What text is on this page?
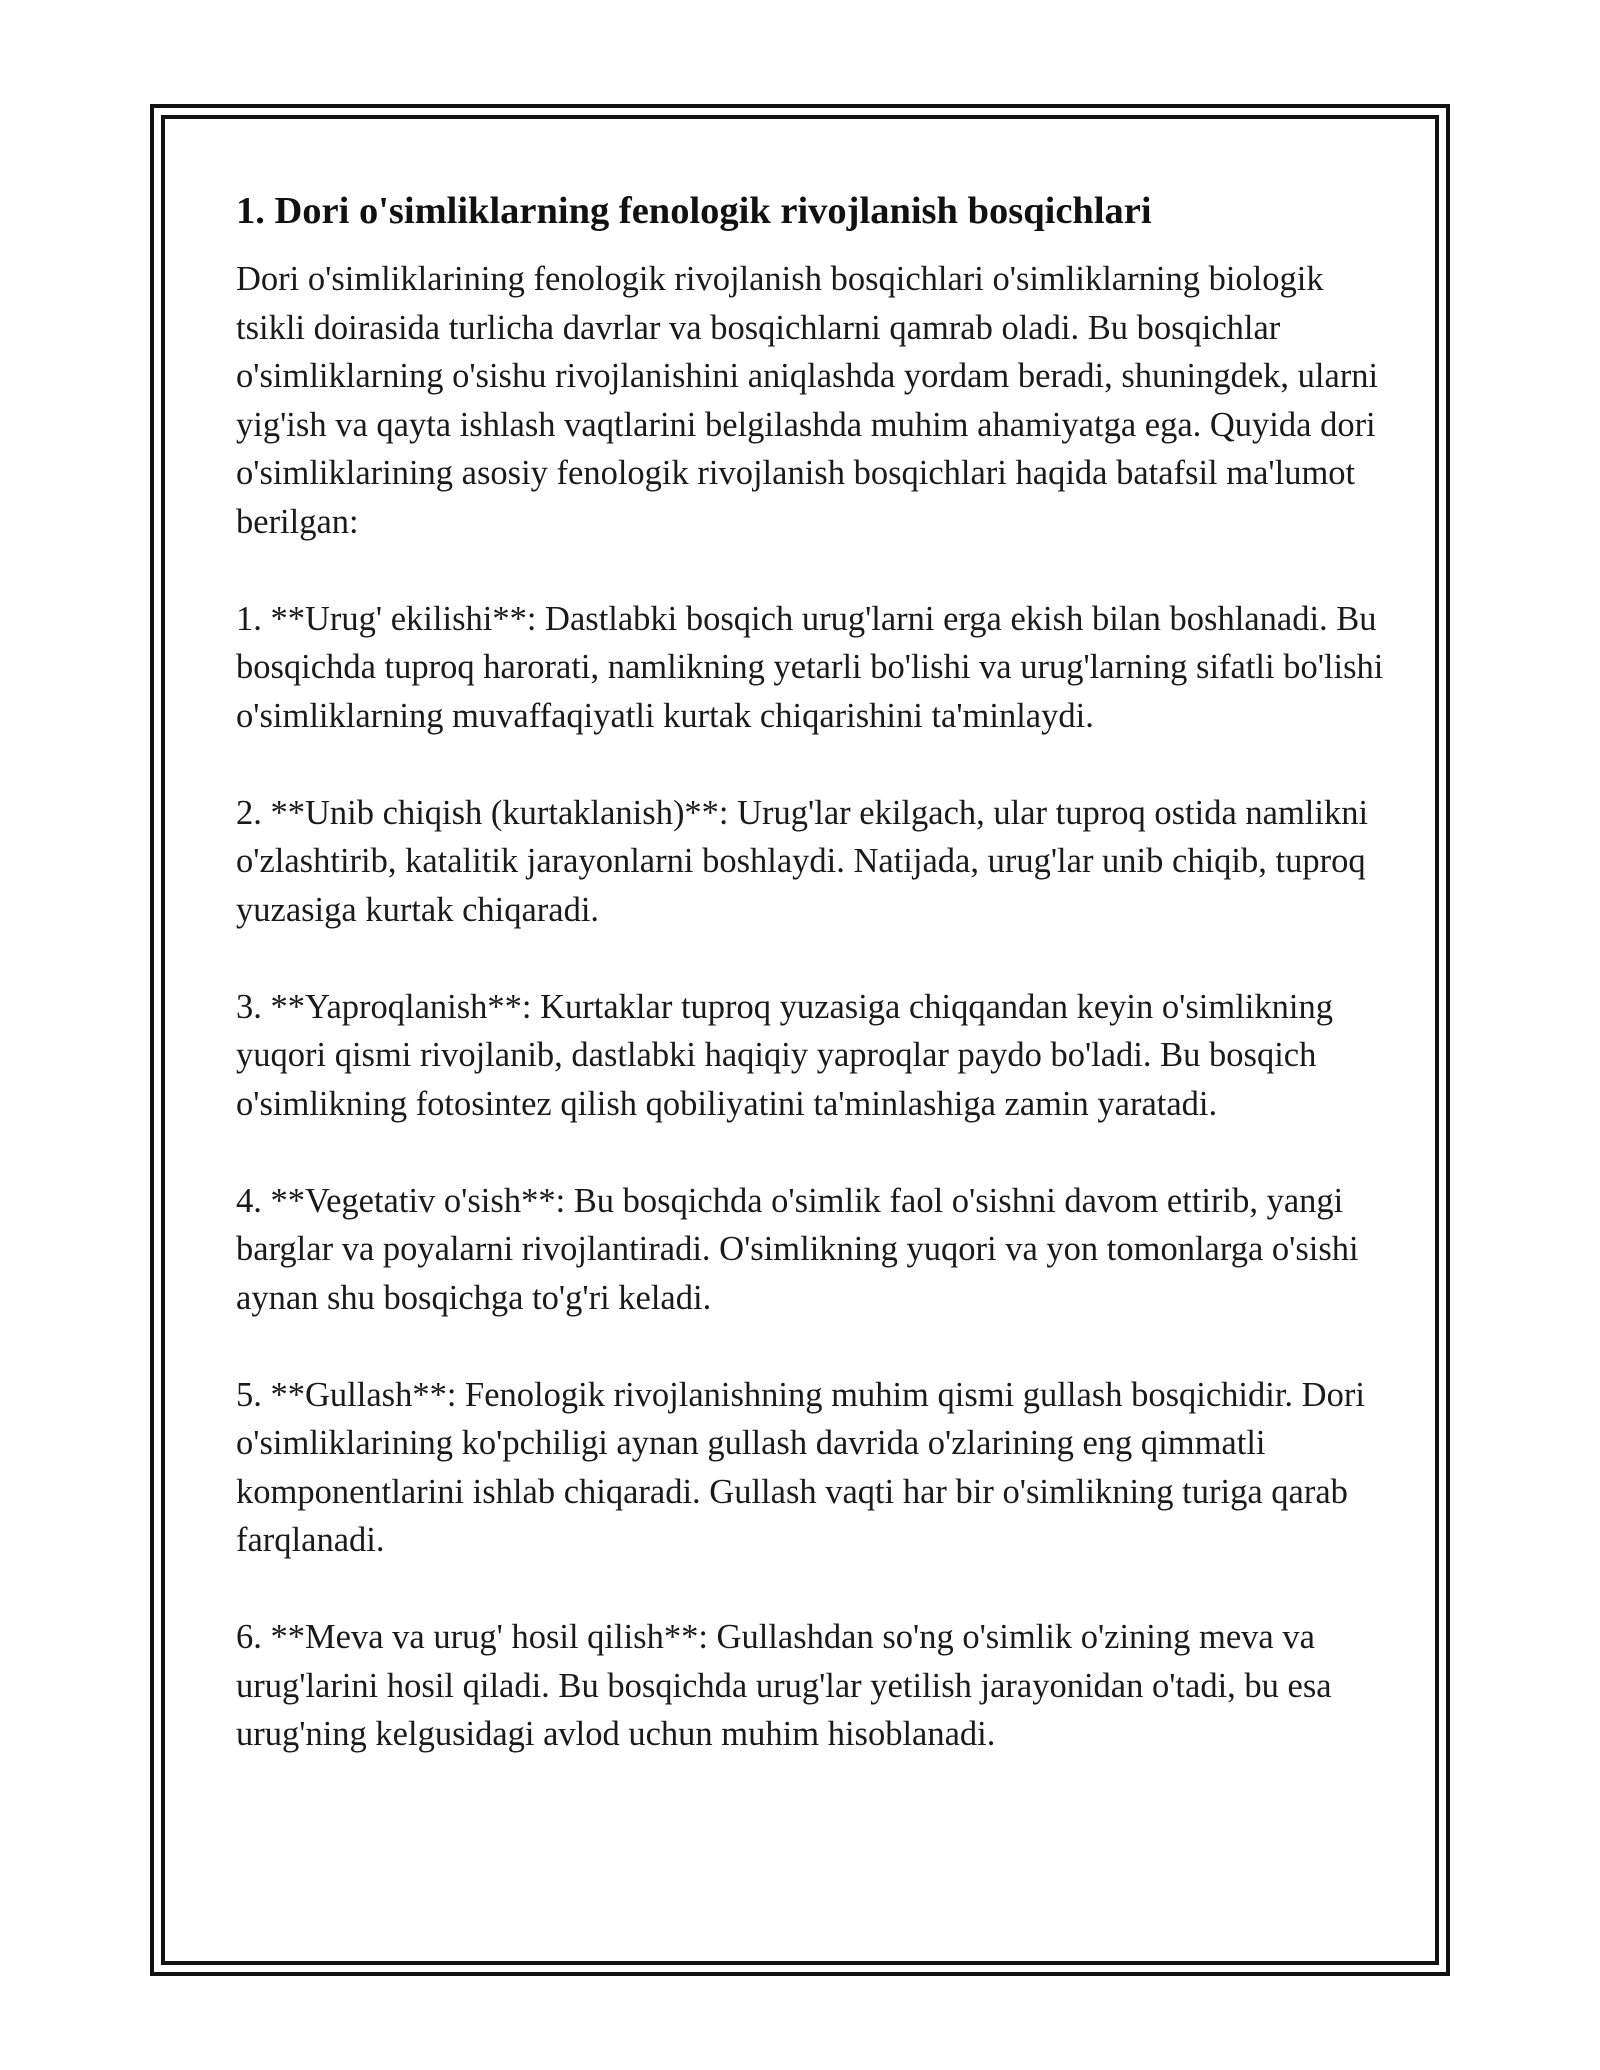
1. Dori o'simliklarning fenologik rivojlanish bosqichlari

Dori o'simliklarining fenologik rivojlanish bosqichlari o'simliklarning biologik tsikli doirasida turlicha davrlar va bosqichlarni qamrab oladi. Bu bosqichlar o'simliklarning o'sishu rivojlanishini aniqlashda yordam beradi, shuningdek, ularni yig'ish va qayta ishlash vaqtlarini belgilashda muhim ahamiyatga ega. Quyida dori o'simliklarining asosiy fenologik rivojlanish bosqichlari haqida batafsil ma'lumot berilgan:

1. **Urug' ekilishi**: Dastlabki bosqich urug'larni erga ekish bilan boshlanadi. Bu bosqichda tuproq harorati, namlikning yetarli bo'lishi va urug'larning sifatli bo'lishi o'simliklarning muvaffaqiyatli kurtak chiqarishini ta'minlaydi.

2. **Unib chiqish (kurtaklanish)**: Urug'lar ekilgach, ular tuproq ostida namlikni o'zlashtirib, katalitik jarayonlarni boshlaydi. Natijada, urug'lar unib chiqib, tuproq yuzasiga kurtak chiqaradi.

3. **Yaproqlanish**: Kurtaklar tuproq yuzasiga chiqqandan keyin o'simlikning yuqori qismi rivojlanib, dastlabki haqiqiy yaproqlar paydo bo'ladi. Bu bosqich o'simlikning fotosintez qilish qobiliyatini ta'minlashiga zamin yaratadi.

4. **Vegetativ o'sish**: Bu bosqichda o'simlik faol o'sishni davom ettirib, yangi barglar va poyalarni rivojlantiradi. O'simlikning yuqori va yon tomonlarga o'sishi aynan shu bosqichga to'g'ri keladi.

5. **Gullash**: Fenologik rivojlanishning muhim qismi gullash bosqichidir. Dori o'simliklarining ko'pchiligi aynan gullash davrida o'zlarining eng qimmatli komponentlarini ishlab chiqaradi. Gullash vaqti har bir o'simlikning turiga qarab farqlanadi.

6. **Meva va urug' hosil qilish**: Gullashdan so'ng o'simlik o'zining meva va urug'larini hosil qiladi. Bu bosqichda urug'lar yetilish jarayonidan o'tadi, bu esa urug'ning kelgusidagi avlod uchun muhim hisoblanadi.
